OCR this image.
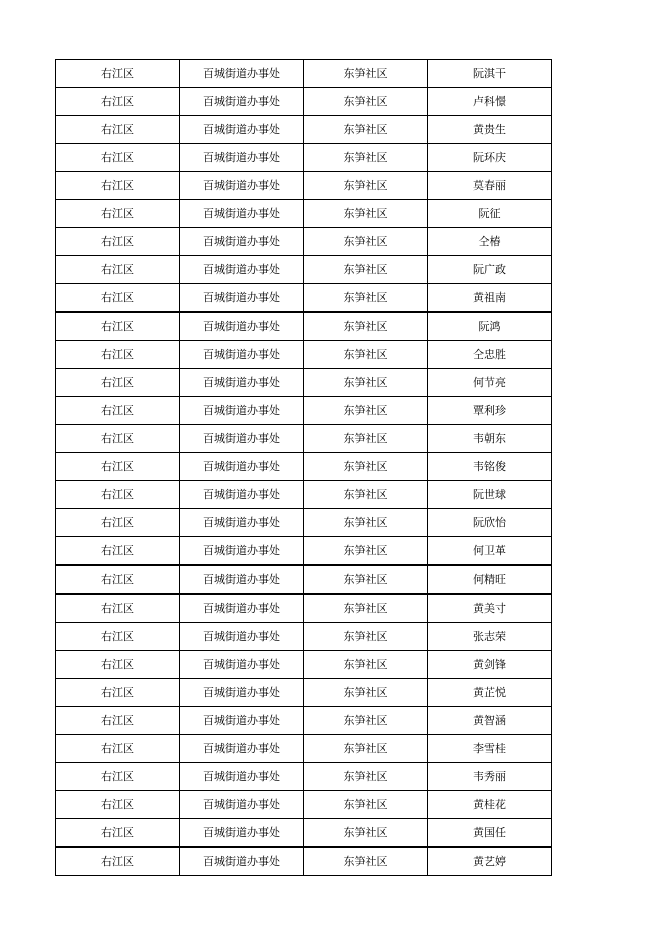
右江区	百城街道办事处	东笋社区	阮淇干
右江区	百城街道办事处	东笋社区	卢科憬
右江区	百城街道办事处	东笋社区	黄贵生
右江区	百城街道办事处	东笋社区	阮环庆
右江区	百城街道办事处	东笋社区	莫春丽
右江区	百城街道办事处	东笋社区	阮征
右江区	百城街道办事处	东笋社区	仝椿
右江区	百城街道办事处	东笋社区	阮广政
右江区	百城街道办事处	东笋社区	黄祖南
右江区	百城街道办事处	东笋社区	阮鸿
右江区	百城街道办事处	东笋社区	仝忠胜
右江区	百城街道办事处	东笋社区	何节亮
右江区	百城街道办事处	东笋社区	覃利珍
右江区	百城街道办事处	东笋社区	韦朝东
右江区	百城街道办事处	东笋社区	韦铭俊
右江区	百城街道办事处	东笋社区	阮世球
右江区	百城街道办事处	东笋社区	阮欣怡
右江区	百城街道办事处	东笋社区	何卫革
右江区	百城街道办事处	东笋社区	何精旺
右江区	百城街道办事处	东笋社区	黄美寸
右江区	百城街道办事处	东笋社区	张志荣
右江区	百城街道办事处	东笋社区	黄剑锋
右江区	百城街道办事处	东笋社区	黄芷悦
右江区	百城街道办事处	东笋社区	黄智涵
右江区	百城街道办事处	东笋社区	李雪桂
右江区	百城街道办事处	东笋社区	韦秀丽
右江区	百城街道办事处	东笋社区	黄桂花
右江区	百城街道办事处	东笋社区	黄国任
右江区	百城街道办事处	东笋社区	黄艺婷
